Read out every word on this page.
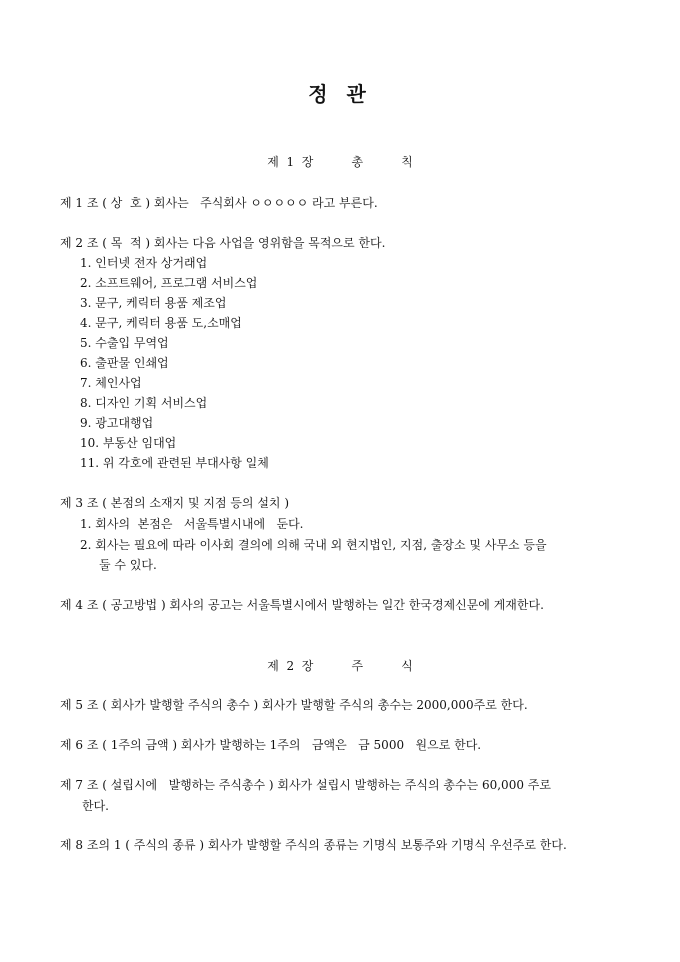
정 관
제  1  장          총          칙
제 1 조 ( 상  호 ) 회사는   주식회사 ㅇㅇㅇㅇㅇ 라고 부른다.
제 2 조 ( 목  적 ) 회사는 다음 사업을 영위함을 목적으로 한다.
1. 인터넷 전자 상거래업
2. 소프트웨어, 프로그램 서비스업
3. 문구, 케릭터 용품 제조업
4. 문구, 케릭터 용품 도,소매업
5. 수출입 무역업
6. 출판물 인쇄업
7. 체인사업
8. 디자인 기획 서비스업
9. 광고대행업
10. 부동산 임대업
11. 위 각호에 관련된 부대사항 일체
제 3 조 ( 본점의 소재지 및 지점 등의 설치 )
1. 회사의  본점은   서울특별시내에   둔다.
2. 회사는 필요에 따라 이사회 결의에 의해 국내 외 현지법인, 지점, 출장소 및 사무소 등을
둘 수 있다.
제 4 조 ( 공고방법 ) 회사의 공고는 서울특별시에서 발행하는 일간 한국경제신문에 게재한다.
제  2  장          주          식
제 5 조 ( 회사가 발행할 주식의 총수 ) 회사가 발행할 주식의 총수는 2000,000주로 한다.
제 6 조 ( 1주의 금액 ) 회사가 발행하는 1주의   금액은   금 5000   원으로 한다.
제 7 조 ( 설립시에   발행하는 주식총수 ) 회사가 설립시 발행하는 주식의 총수는 60,000 주로
한다.
제 8 조의 1 ( 주식의 종류 ) 회사가 발행할 주식의 종류는 기명식 보통주와 기명식 우선주로 한다.
